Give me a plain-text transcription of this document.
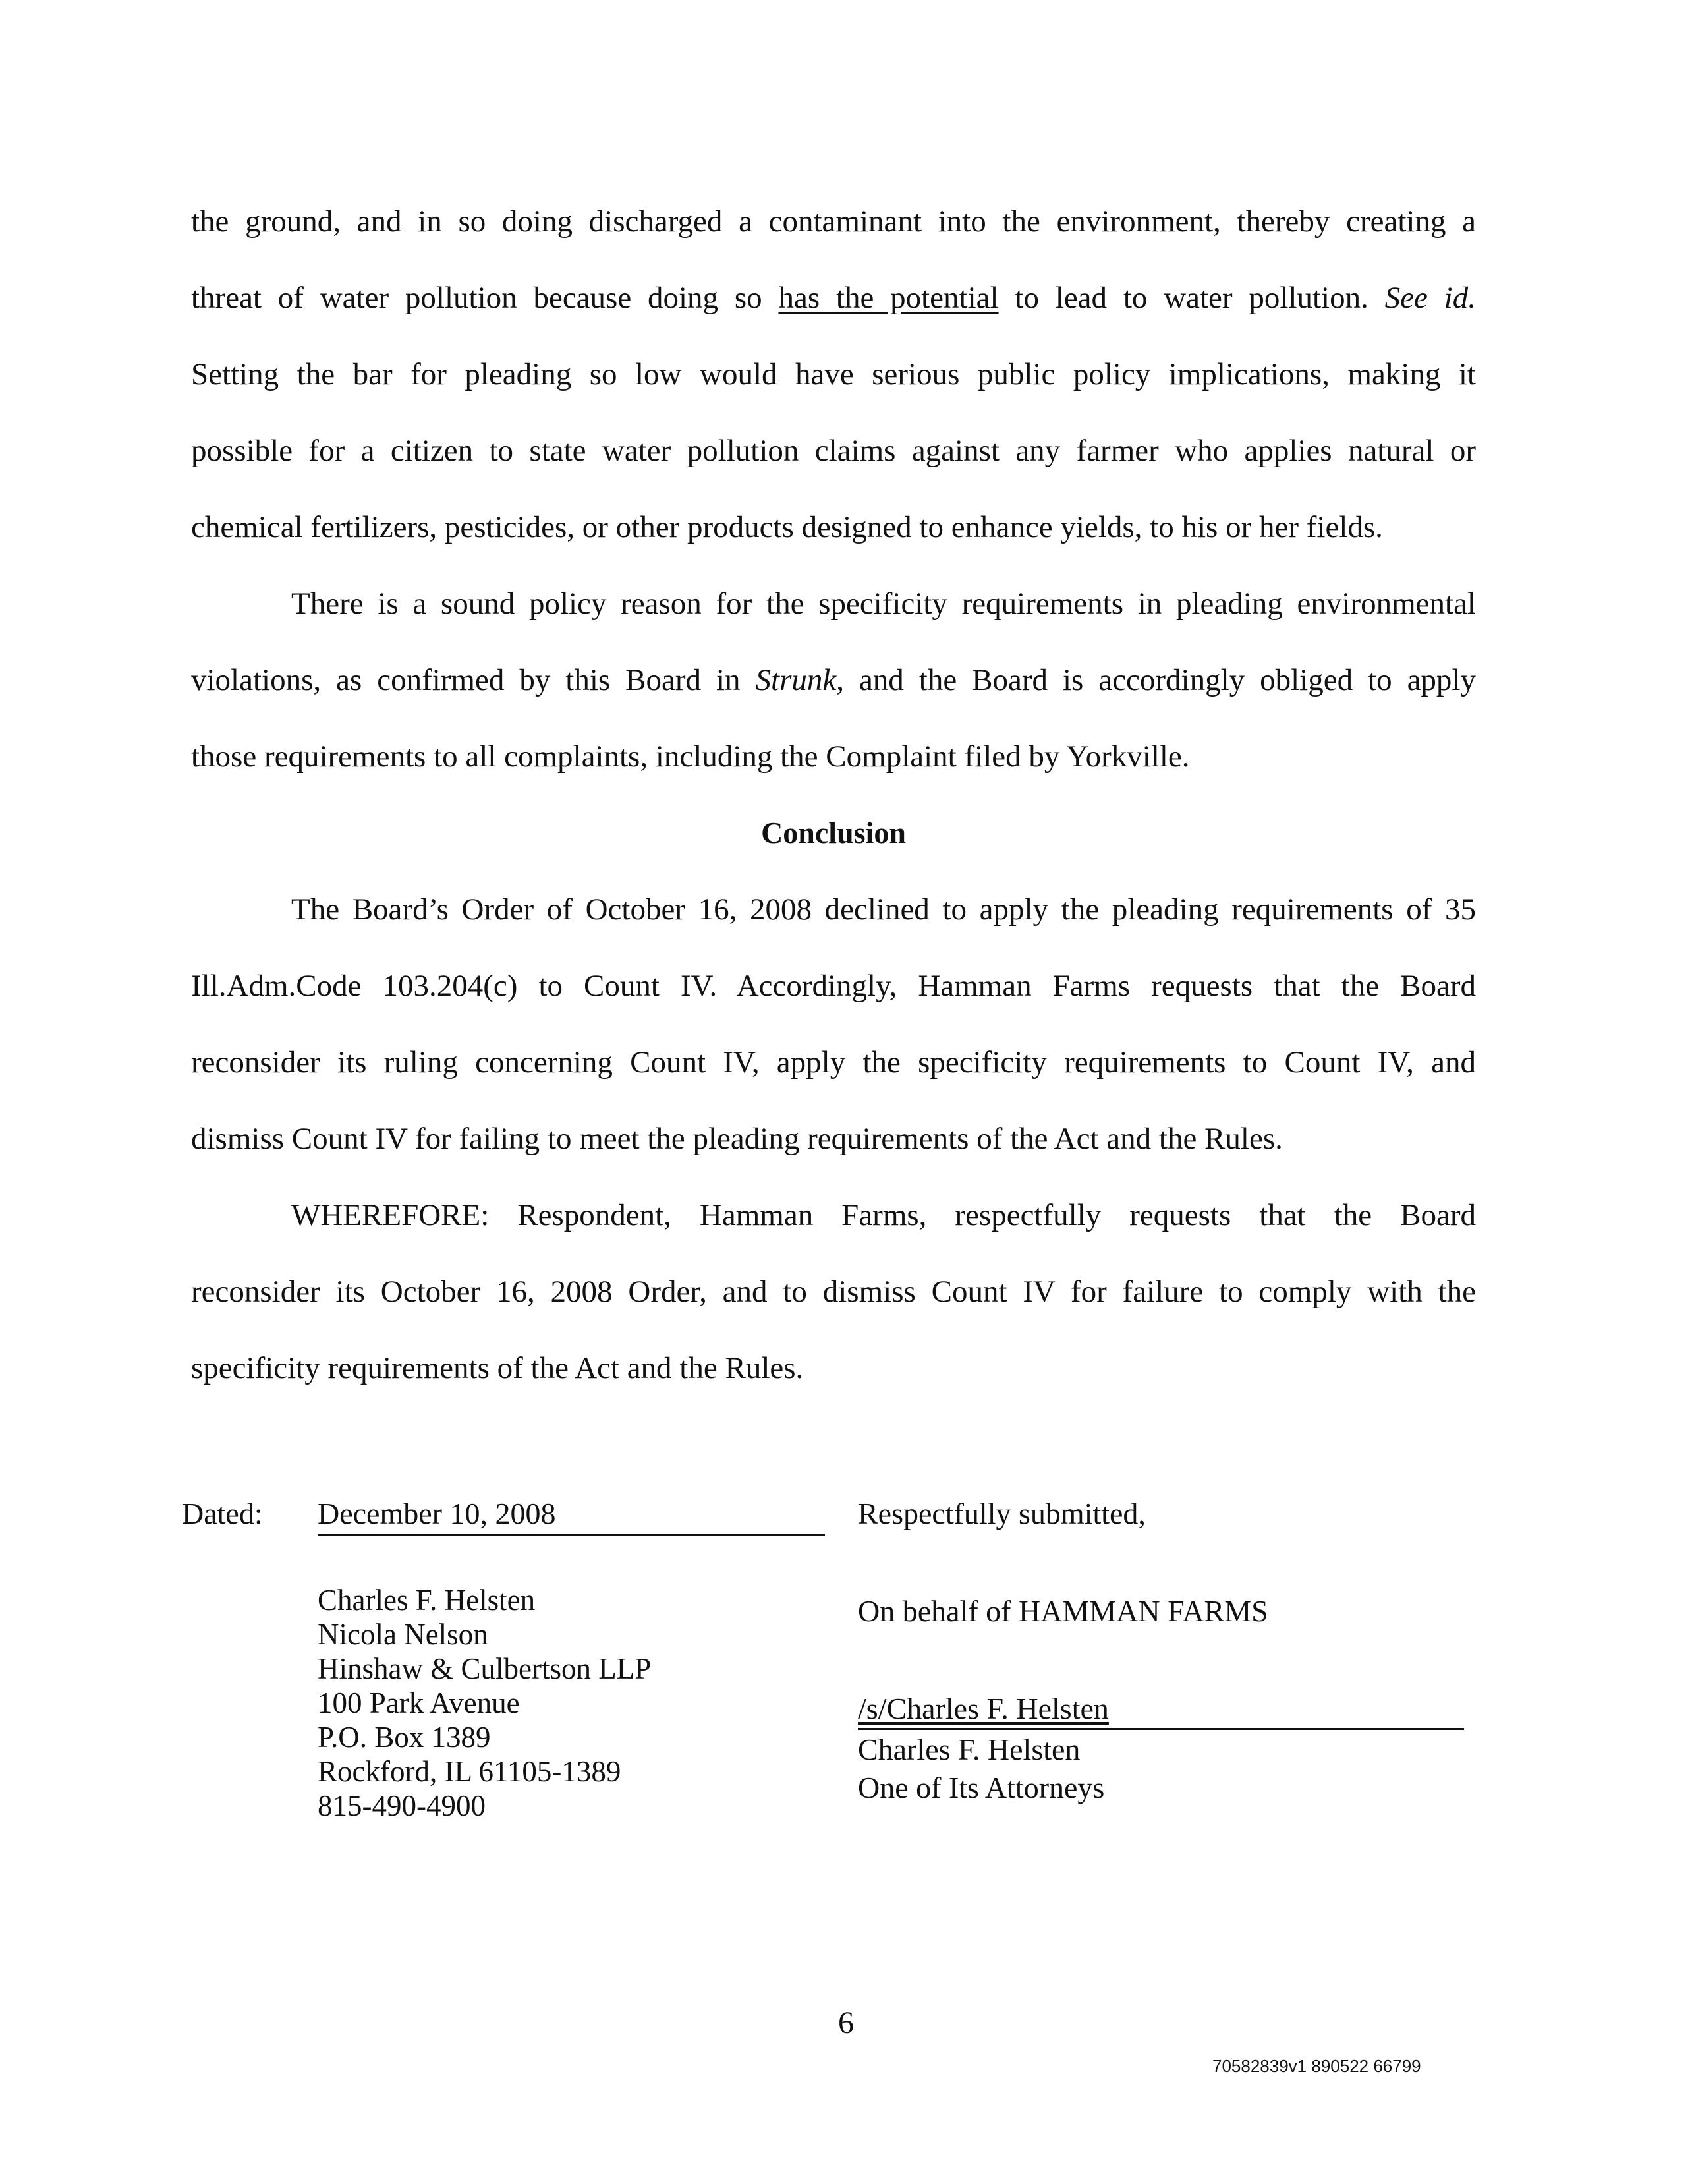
the ground, and in so doing discharged a contaminant into the environment, thereby creating a
threat of water pollution because doing so has the potential to lead to water pollution. See id.
Setting the bar for pleading so low would have serious public policy implications, making it
possible for a citizen to state water pollution claims against any farmer who applies natural or
chemical fertilizers, pesticides, or other products designed to enhance yields, to his or her fields.
There is a sound policy reason for the specificity requirements in pleading environmental
violations, as confirmed by this Board in Strunk, and the Board is accordingly obliged to apply
those requirements to all complaints, including the Complaint filed by Yorkville.
Conclusion
The Board’s Order of October 16, 2008 declined to apply the pleading requirements of 35
Ill.Adm.Code 103.204(c) to Count IV. Accordingly, Hamman Farms requests that the Board
reconsider its ruling concerning Count IV, apply the specificity requirements to Count IV, and
dismiss Count IV for failing to meet the pleading requirements of the Act and the Rules.
WHEREFORE: Respondent, Hamman Farms, respectfully requests that the Board
reconsider its October 16, 2008 Order, and to dismiss Count IV for failure to comply with the
specificity requirements of the Act and the Rules.
Dated: December 10, 2008	Respectfully submitted,
Charles F. Helsten
Nicola Nelson
Hinshaw & Culbertson LLP
100 Park Avenue
P.O. Box 1389
Rockford, IL 61105-1389
815-490-4900
On behalf of HAMMAN FARMS
/s/Charles F. Helsten
Charles F. Helsten
One of Its Attorneys
6
70582839v1 890522 66799
